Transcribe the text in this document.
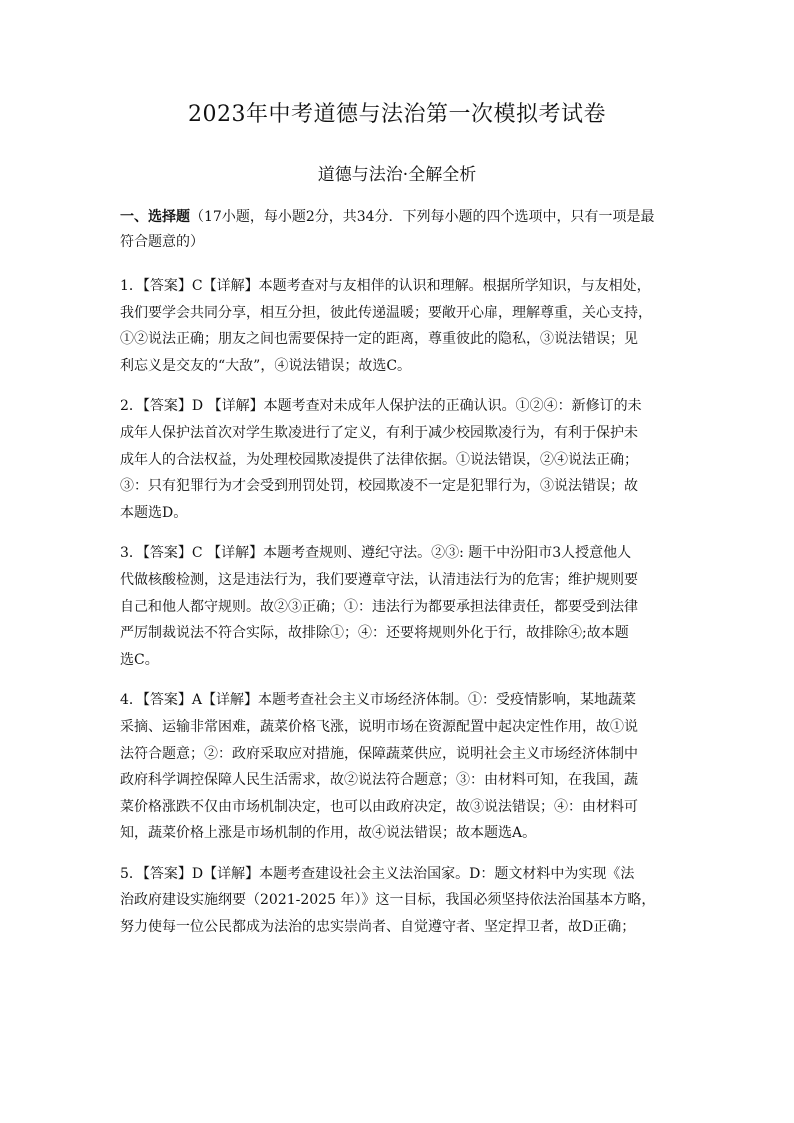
2023年中考道德与法治第一次模拟考试卷
道德与法治·全解全析
一、选择题（17小题，每小题2分，共34分．下列每小题的四个选项中，只有一项是最
符合题意的）
1．【答案】C【详解】本题考查对与友相伴的认识和理解。根据所学知识，与友相处，
我们要学会共同分享，相互分担，彼此传递温暖；要敞开心扉，理解尊重，关心支持，
①②说法正确；朋友之间也需要保持一定的距离，尊重彼此的隐私，③说法错误；见
利忘义是交友的“大敌”，④说法错误；故选C。
2．【答案】D 【详解】本题考查对未成年人保护法的正确认识。①②④：新修订的未
成年人保护法首次对学生欺凌进行了定义，有利于减少校园欺凌行为，有利于保护未
成年人的合法权益，为处理校园欺凌提供了法律依据。①说法错误，②④说法正确；
③：只有犯罪行为才会受到刑罚处罚，校园欺凌不一定是犯罪行为，③说法错误；故
本题选D。
3．【答案】C 【详解】本题考查规则、遵纪守法。②③: 题干中汾阳市3人授意他人
代做核酸检测，这是违法行为，我们要遵章守法，认清违法行为的危害；维护规则要
自己和他人都守规则。故②③正确；①：违法行为都要承担法律责任，都要受到法律
严厉制裁说法不符合实际，故排除①；④：还要将规则外化于行，故排除④;故本题
选C。
4．【答案】A【详解】本题考查社会主义市场经济体制。①：受疫情影响，某地蔬菜
采摘、运输非常困难，蔬菜价格飞涨，说明市场在资源配置中起决定性作用，故①说
法符合题意；②：政府采取应对措施，保障蔬菜供应，说明社会主义市场经济体制中
政府科学调控保障人民生活需求，故②说法符合题意；③：由材料可知，在我国，蔬
菜价格涨跌不仅由市场机制决定，也可以由政府决定，故③说法错误；④：由材料可
知，蔬菜价格上涨是市场机制的作用，故④说法错误；故本题选A。
5．【答案】D【详解】本题考查建设社会主义法治国家。D：题文材料中为实现《法
治政府建设实施纲要（2021-2025 年）》这一目标，我国必须坚持依法治国基本方略，
努力使每一位公民都成为法治的忠实崇尚者、自觉遵守者、坚定捍卫者，故D正确；
